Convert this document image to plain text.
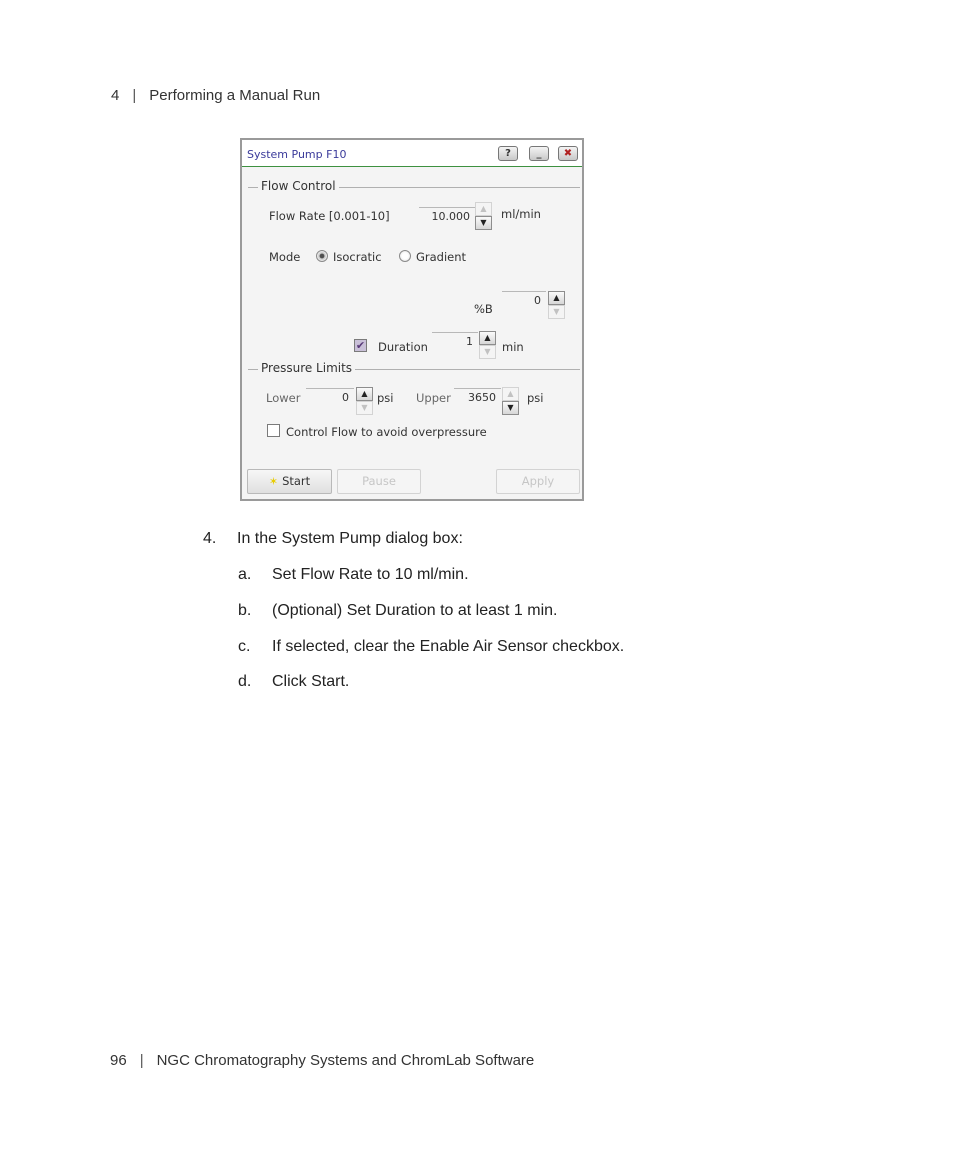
4 | Performing a Manual Run
System Pump F10	?	_	✖
Flow Control
Flow Rate [0.001-10]	10.000
▲
▼
ml/min
Mode	Isocratic	Gradient
%B
0	▲
▼
✔ Duration	1	▲
▼ min
Pressure Limits
Lower	0	▲
▼
psi Upper	3650	▲
▼
psi
Control Flow to avoid overpressure
✶ Start	Pause	Apply
4. In the System Pump dialog box:
a. Set Flow Rate to 10 ml/min.
b. (Optional) Set Duration to at least 1 min.
c. If selected, clear the Enable Air Sensor checkbox.
d. Click Start.
96 | NGC Chromatography Systems and ChromLab Software
